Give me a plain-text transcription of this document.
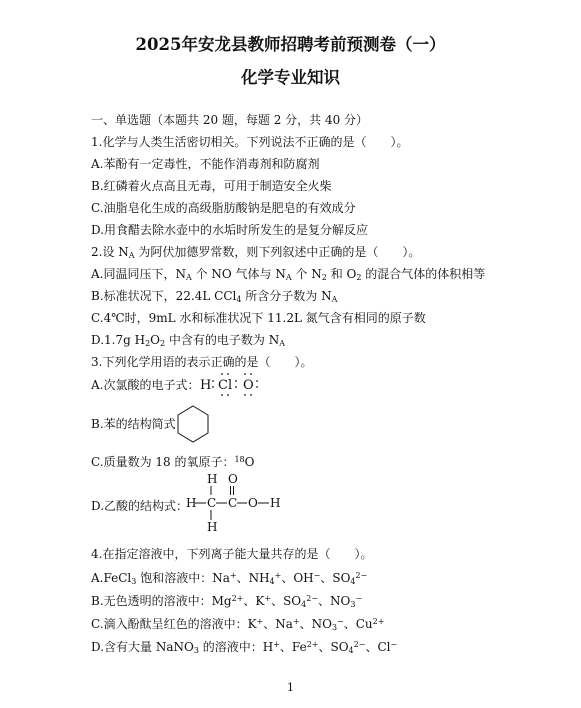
2025年安龙县教师招聘考前预测卷（一）
化学专业知识
一、单选题（本题共 20 题，每题 2 分，共 40 分）
1.化学与人类生活密切相关。下列说法不正确的是（　　）。
A.苯酚有一定毒性，不能作消毒剂和防腐剂
B.红磷着火点高且无毒，可用于制造安全火柴
C.油脂皂化生成的高级脂肪酸钠是肥皂的有效成分
D.用食醋去除水壶中的水垢时所发生的是复分解反应
2.设 $N_A$ 为阿伏加德罗常数，则下列叙述中正确的是（　　）。
A.同温同压下，$N_A$ 个 NO 气体与 $N_A$ 个 $N_2$ 和 $O_2$ 的混合气体的体积相等
B.标准状况下，22.4L CCl$_4$ 所含分子数为 $N_A$
C.4℃时，9mL 水和标准状况下 11.2L 氮气含有相同的原子数
D.1.7g $H_2O_2$ 中含有的电子数为 $N_A$
3.下列化学用语的表示正确的是（　　）。
A.次氯酸的电子式： H Cl O
B.苯的结构简式
C.质量数为 18 的氧原子：$^{18}$O
D.乙酸的结构式：
H O
H C C O H
H
4.在指定溶液中，下列离子能大量共存的是（　　）。
A.FeCl$_3$ 饱和溶液中：Na+、$NH_4^+$、OH−、$SO_4^{2-}$
B.无色透明的溶液中：$Mg^{2+}$、K+、$SO_4^{2-}$、$NO_3^-$
C.滴入酚酞呈红色的溶液中：K+、Na+、$NO_3^-$、$Cu^{2+}$
D.含有大量 NaNO$_3$ 的溶液中：H+、$Fe^{2+}$、$SO_4^{2-}$、Cl−
1
